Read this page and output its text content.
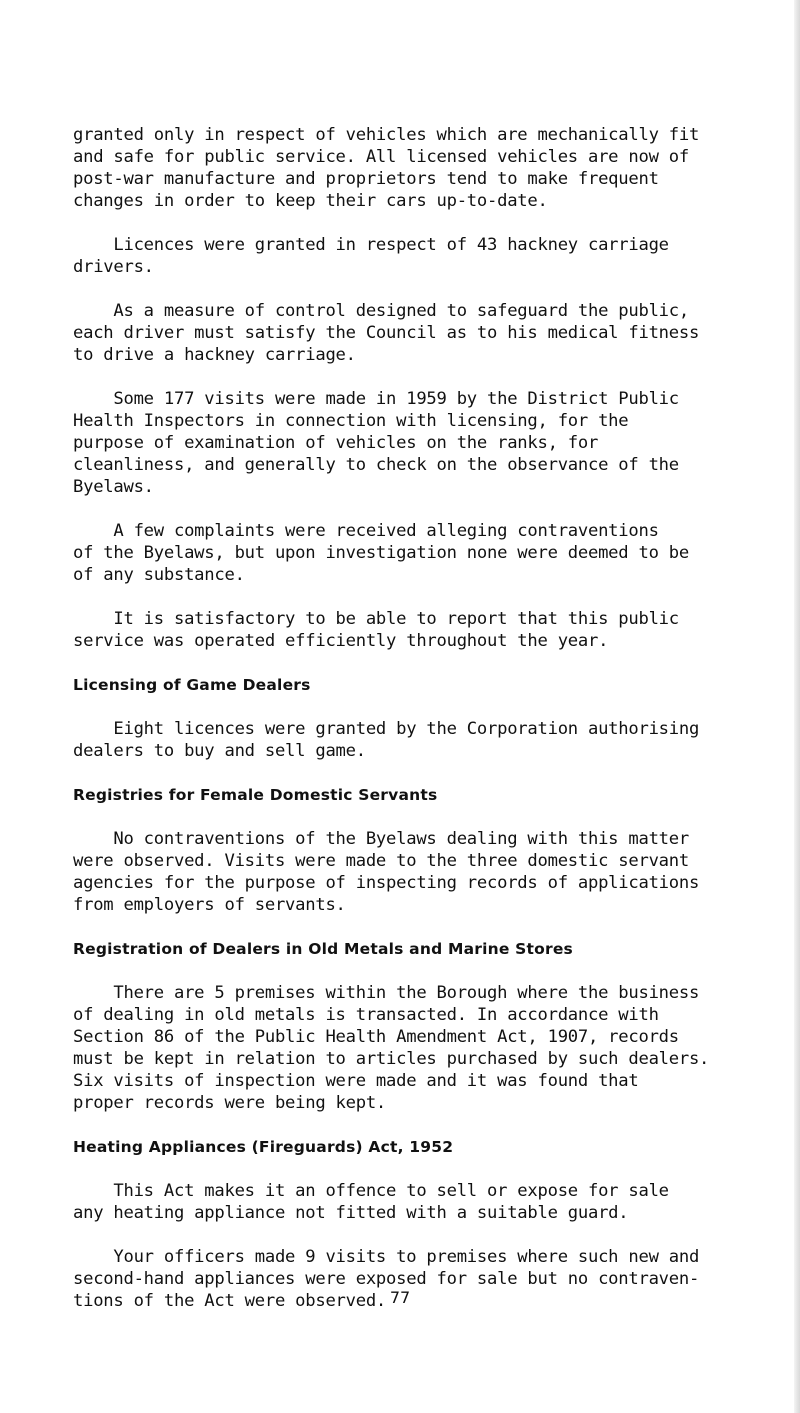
granted only in respect of vehicles which are mechanically fit

and safe for public service. All licensed vehicles are now of

post-war manufacture and proprietors tend to make frequent

changes in order to keep their cars up-to-date.

Licences were granted in respect of 43 hackney carriage

drivers.

As a measure of control designed to safeguard the public,

each driver must satisfy the Council as to his medical fitness

to drive a hackney carriage.

Some 177 visits were made in 1959 by the District Public

Health Inspectors in connection with licensing, for the

purpose of examination of vehicles on the ranks, for

cleanliness, and generally to check on the observance of the

Byelaws.

A few complaints were received alleging contraventions

of the Byelaws, but upon investigation none were deemed to be

of any substance.

It is satisfactory to be able to report that this public

service was operated efficiently throughout the year.

Licensing of Game Dealers

Eight licences were granted by the Corporation authorising

dealers to buy and sell game.

Registries for Female Domestic Servants

No contraventions of the Byelaws dealing with this matter

were observed. Visits were made to the three domestic servant

agencies for the purpose of inspecting records of applications

from employers of servants.

Registration of Dealers in Old Metals and Marine Stores

There are 5 premises within the Borough where the business

of dealing in old metals is transacted. In accordance with

Section 86 of the Public Health Amendment Act, 1907, records

must be kept in relation to articles purchased by such dealers.

Six visits of inspection were made and it was found that

proper records were being kept.

Heating Appliances (Fireguards) Act, 1952

This Act makes it an offence to sell or expose for sale

any heating appliance not fitted with a suitable guard.

Your officers made 9 visits to premises where such new and

second-hand appliances were exposed for sale but no contraven-

tions of the Act were observed. 77
